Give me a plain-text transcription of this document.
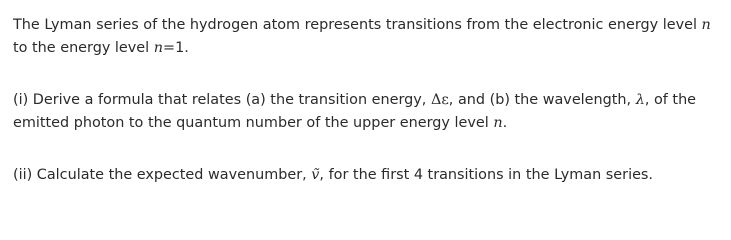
The Lyman series of the hydrogen atom represents transitions from the electronic energy level n to the energy level n=1.

(i) Derive a formula that relates (a) the transition energy, Δε, and (b) the wavelength, λ, of the emitted photon to the quantum number of the upper energy level n.

(ii) Calculate the expected wavenumber, ṽ, for the first 4 transitions in the Lyman series.
